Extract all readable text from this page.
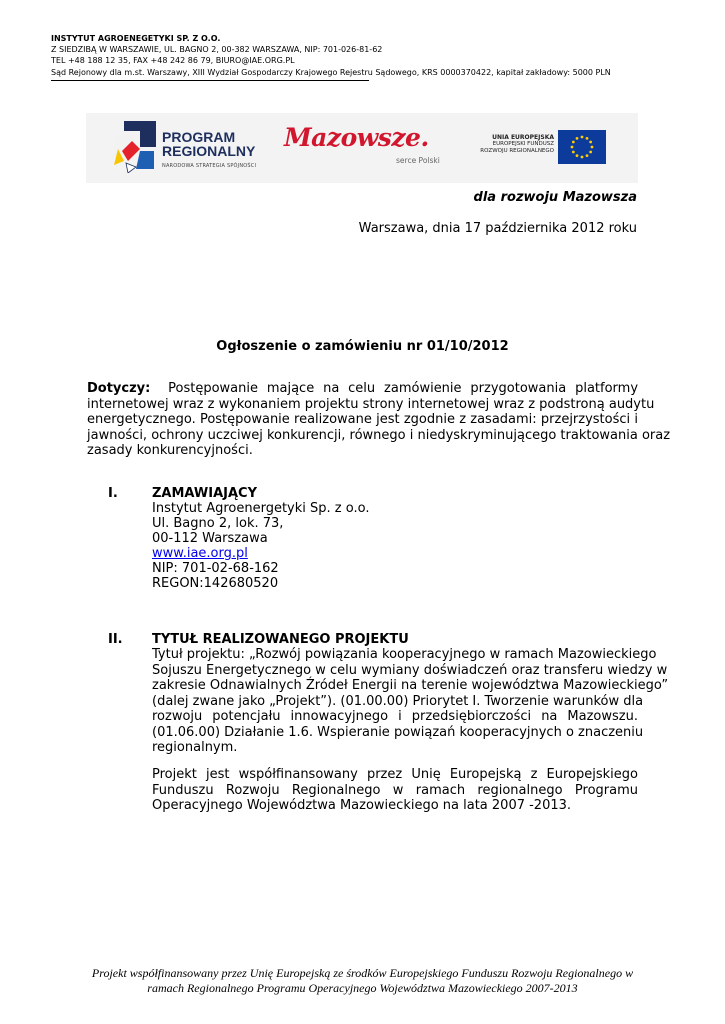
INSTYTUT AGROENEGETYKI SP. Z O.O.
Z SIEDZIBĄ W WARSZAWIE, UL. BAGNO 2, 00-382 WARSZAWA, NIP: 701-026-81-62
TEL +48 188 12 35, FAX +48 242 86 79, BIURO@IAE.ORG.PL
Sąd Rejonowy dla m.st. Warszawy, XIII Wydział Gospodarczy Krajowego Rejestru Sądowego, KRS 0000370422, kapitał zakładowy: 5000 PLN
PROGRAM
REGIONALNY
NARODOWA STRATEGIA SPÓJNOŚCI
Mazowsze.
serce Polski
UNIA EUROPEJSKA
EUROPEJSKI FUNDUSZ
ROZWOJU REGIONALNEGO
dla rozwoju Mazowsza
Warszawa, dnia 17 października 2012 roku
Ogłoszenie o zamówieniu nr 01/10/2012
Dotyczy: Postępowanie mające na celu zamówienie przygotowania platformy
internetowej wraz z wykonaniem projektu strony internetowej wraz z podstroną audytu
energetycznego. Postępowanie realizowane jest zgodnie z zasadami: przejrzystości i
jawności, ochrony uczciwej konkurencji, równego i niedyskryminującego traktowania oraz
zasady konkurencyjności.
I.	ZAMAWIAJĄCY
Instytut Agroenergetyki Sp. z o.o.
Ul. Bagno 2, lok. 73,
00-112 Warszawa
www.iae.org.pl
NIP: 701-02-68-162
REGON:142680520
II. TYTUŁ REALIZOWANEGO PROJEKTU
Tytuł projektu: „Rozwój powiązania kooperacyjnego w ramach Mazowieckiego
Sojuszu Energetycznego w celu wymiany doświadczeń oraz transferu wiedzy w
zakresie Odnawialnych Źródeł Energii na terenie województwa Mazowieckiego”
(dalej zwane jako „Projekt”). (01.00.00) Priorytet I. Tworzenie warunków dla
rozwoju potencjału innowacyjnego i przedsiębiorczości na Mazowszu.
(01.06.00) Działanie 1.6. Wspieranie powiązań kooperacyjnych o znaczeniu
regionalnym.
Projekt jest współfinansowany przez Unię Europejską z Europejskiego
Funduszu Rozwoju Regionalnego w ramach regionalnego Programu
Operacyjnego Województwa Mazowieckiego na lata 2007 -2013.
Projekt współfinansowany przez Unię Europejską ze środków Europejskiego Funduszu Rozwoju Regionalnego w
ramach Regionalnego Programu Operacyjnego Województwa Mazowieckiego 2007-2013
